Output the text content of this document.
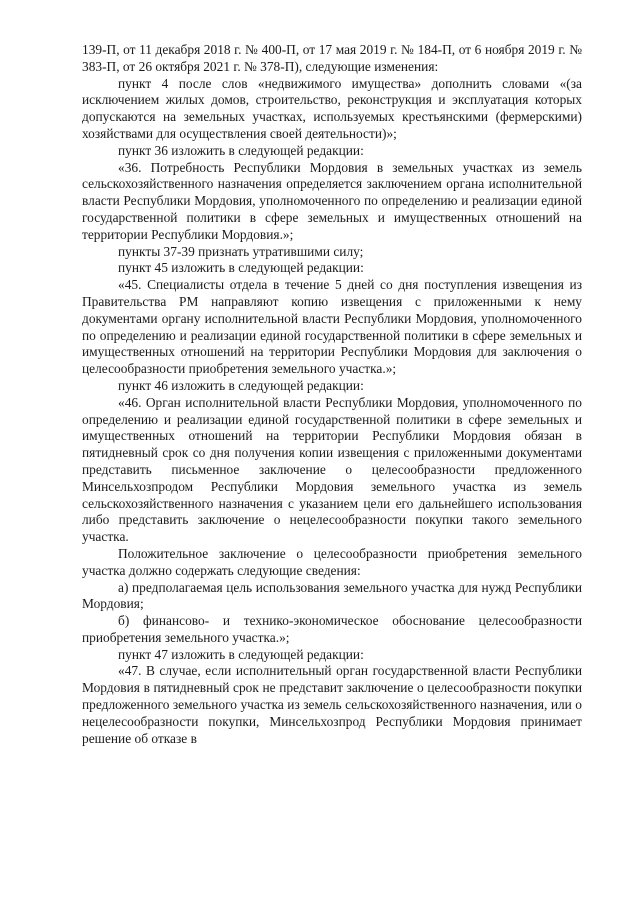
139-П, от 11 декабря 2018 г. № 400-П, от 17 мая 2019 г. № 184-П, от 6 ноября 2019 г. № 383-П, от 26 октября 2021 г. № 378-П), следующие изменения:

пункт 4 после слов «недвижимого имущества» дополнить словами «(за исключением жилых домов, строительство, реконструкция и эксплуатация которых допускаются на земельных участках, используемых крестьянскими (фермерскими) хозяйствами для осуществления своей деятельности)»;

пункт 36 изложить в следующей редакции:

«36. Потребность Республики Мордовия в земельных участках из земель сельскохозяйственного назначения определяется заключением органа исполнительной власти Республики Мордовия, уполномоченного по определению и реализации единой государственной политики в сфере земельных и имущественных отношений на территории Республики Мордовия.»;

пункты 37-39 признать утратившими силу;

пункт 45 изложить в следующей редакции:

«45. Специалисты отдела в течение 5 дней со дня поступления извещения из Правительства РМ направляют копию извещения с приложенными к нему документами органу исполнительной власти Республики Мордовия, уполномоченного по определению и реализации единой государственной политики в сфере земельных и имущественных отношений на территории Республики Мордовия для заключения о целесообразности приобретения земельного участка.»;

пункт 46 изложить в следующей редакции:

«46. Орган исполнительной власти Республики Мордовия, уполномоченного по определению и реализации единой государственной политики в сфере земельных и имущественных отношений на территории Республики Мордовия обязан в пятидневный срок со дня получения копии извещения с приложенными документами представить письменное заключение о целесообразности предложенного Минсельхозпродом Республики Мордовия земельного участка из земель сельскохозяйственного назначения с указанием цели его дальнейшего использования либо представить заключение о нецелесообразности покупки такого земельного участка.

Положительное заключение о целесообразности приобретения земельного участка должно содержать следующие сведения:

а) предполагаемая цель использования земельного участка для нужд Республики Мордовия;

б) финансово- и технико-экономическое обоснование целесообразности приобретения земельного участка.»;

пункт 47 изложить в следующей редакции:

«47. В случае, если исполнительный орган государственной власти Республики Мордовия в пятидневный срок не представит заключение о целесообразности покупки предложенного земельного участка из земель сельскохозяйственного назначения, или о нецелесообразности покупки, Минсельхозпрод Республики Мордовия принимает решение об отказе в
